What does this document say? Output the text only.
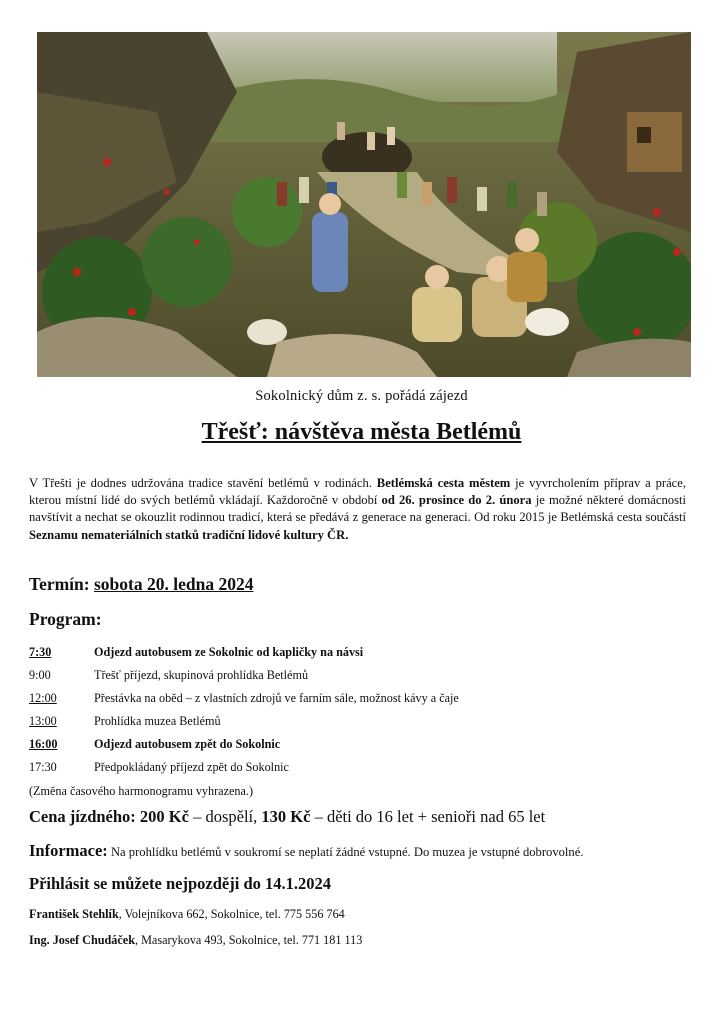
Sokolnický dům z. s. pořádá zájezd
Třešť: návštěva města Betlémů
V Třešti je dodnes udržována tradice stavění betlémů v rodinách. Betlémská cesta městem je vyvrcholením příprav a práce, kterou místní lidé do svých betlémů vkládají. Každoročně v období od 26. prosince do 2. února je možné některé domácnosti navštívit a nechat se okouzlit rodinnou tradicí, která se předává z generace na generaci. Od roku 2015 je Betlémská cesta součástí Seznamu nemateriálních statků tradiční lidové kultury ČR.
Termín: sobota 20. ledna 2024
Program:
7:30	Odjezd autobusem ze Sokolnic od kapličky na návsi
9:00	Třešť příjezd, skupinová prohlídka Betlémů
12:00	Přestávka na oběd – z vlastních zdrojů ve farním sále, možnost kávy a čaje
13:00	Prohlídka muzea Betlémů
16:00	Odjezd autobusem zpět do Sokolnic
17:30	Předpokládaný příjezd zpět do Sokolnic
(Změna časového harmonogramu vyhrazena.)
Cena jízdného: 200 Kč – dospělí, 130 Kč – děti do 16 let + senioři nad 65 let
Informace: Na prohlídku betlémů v soukromí se neplatí žádné vstupné. Do muzea je vstupné dobrovolné.
Přihlásit se můžete nejpozději do 14.1.2024
František Stehlík, Volejníkova 662, Sokolnice, tel. 775 556 764
Ing. Josef Chudáček, Masarykova 493, Sokolnice, tel. 771 181 113
